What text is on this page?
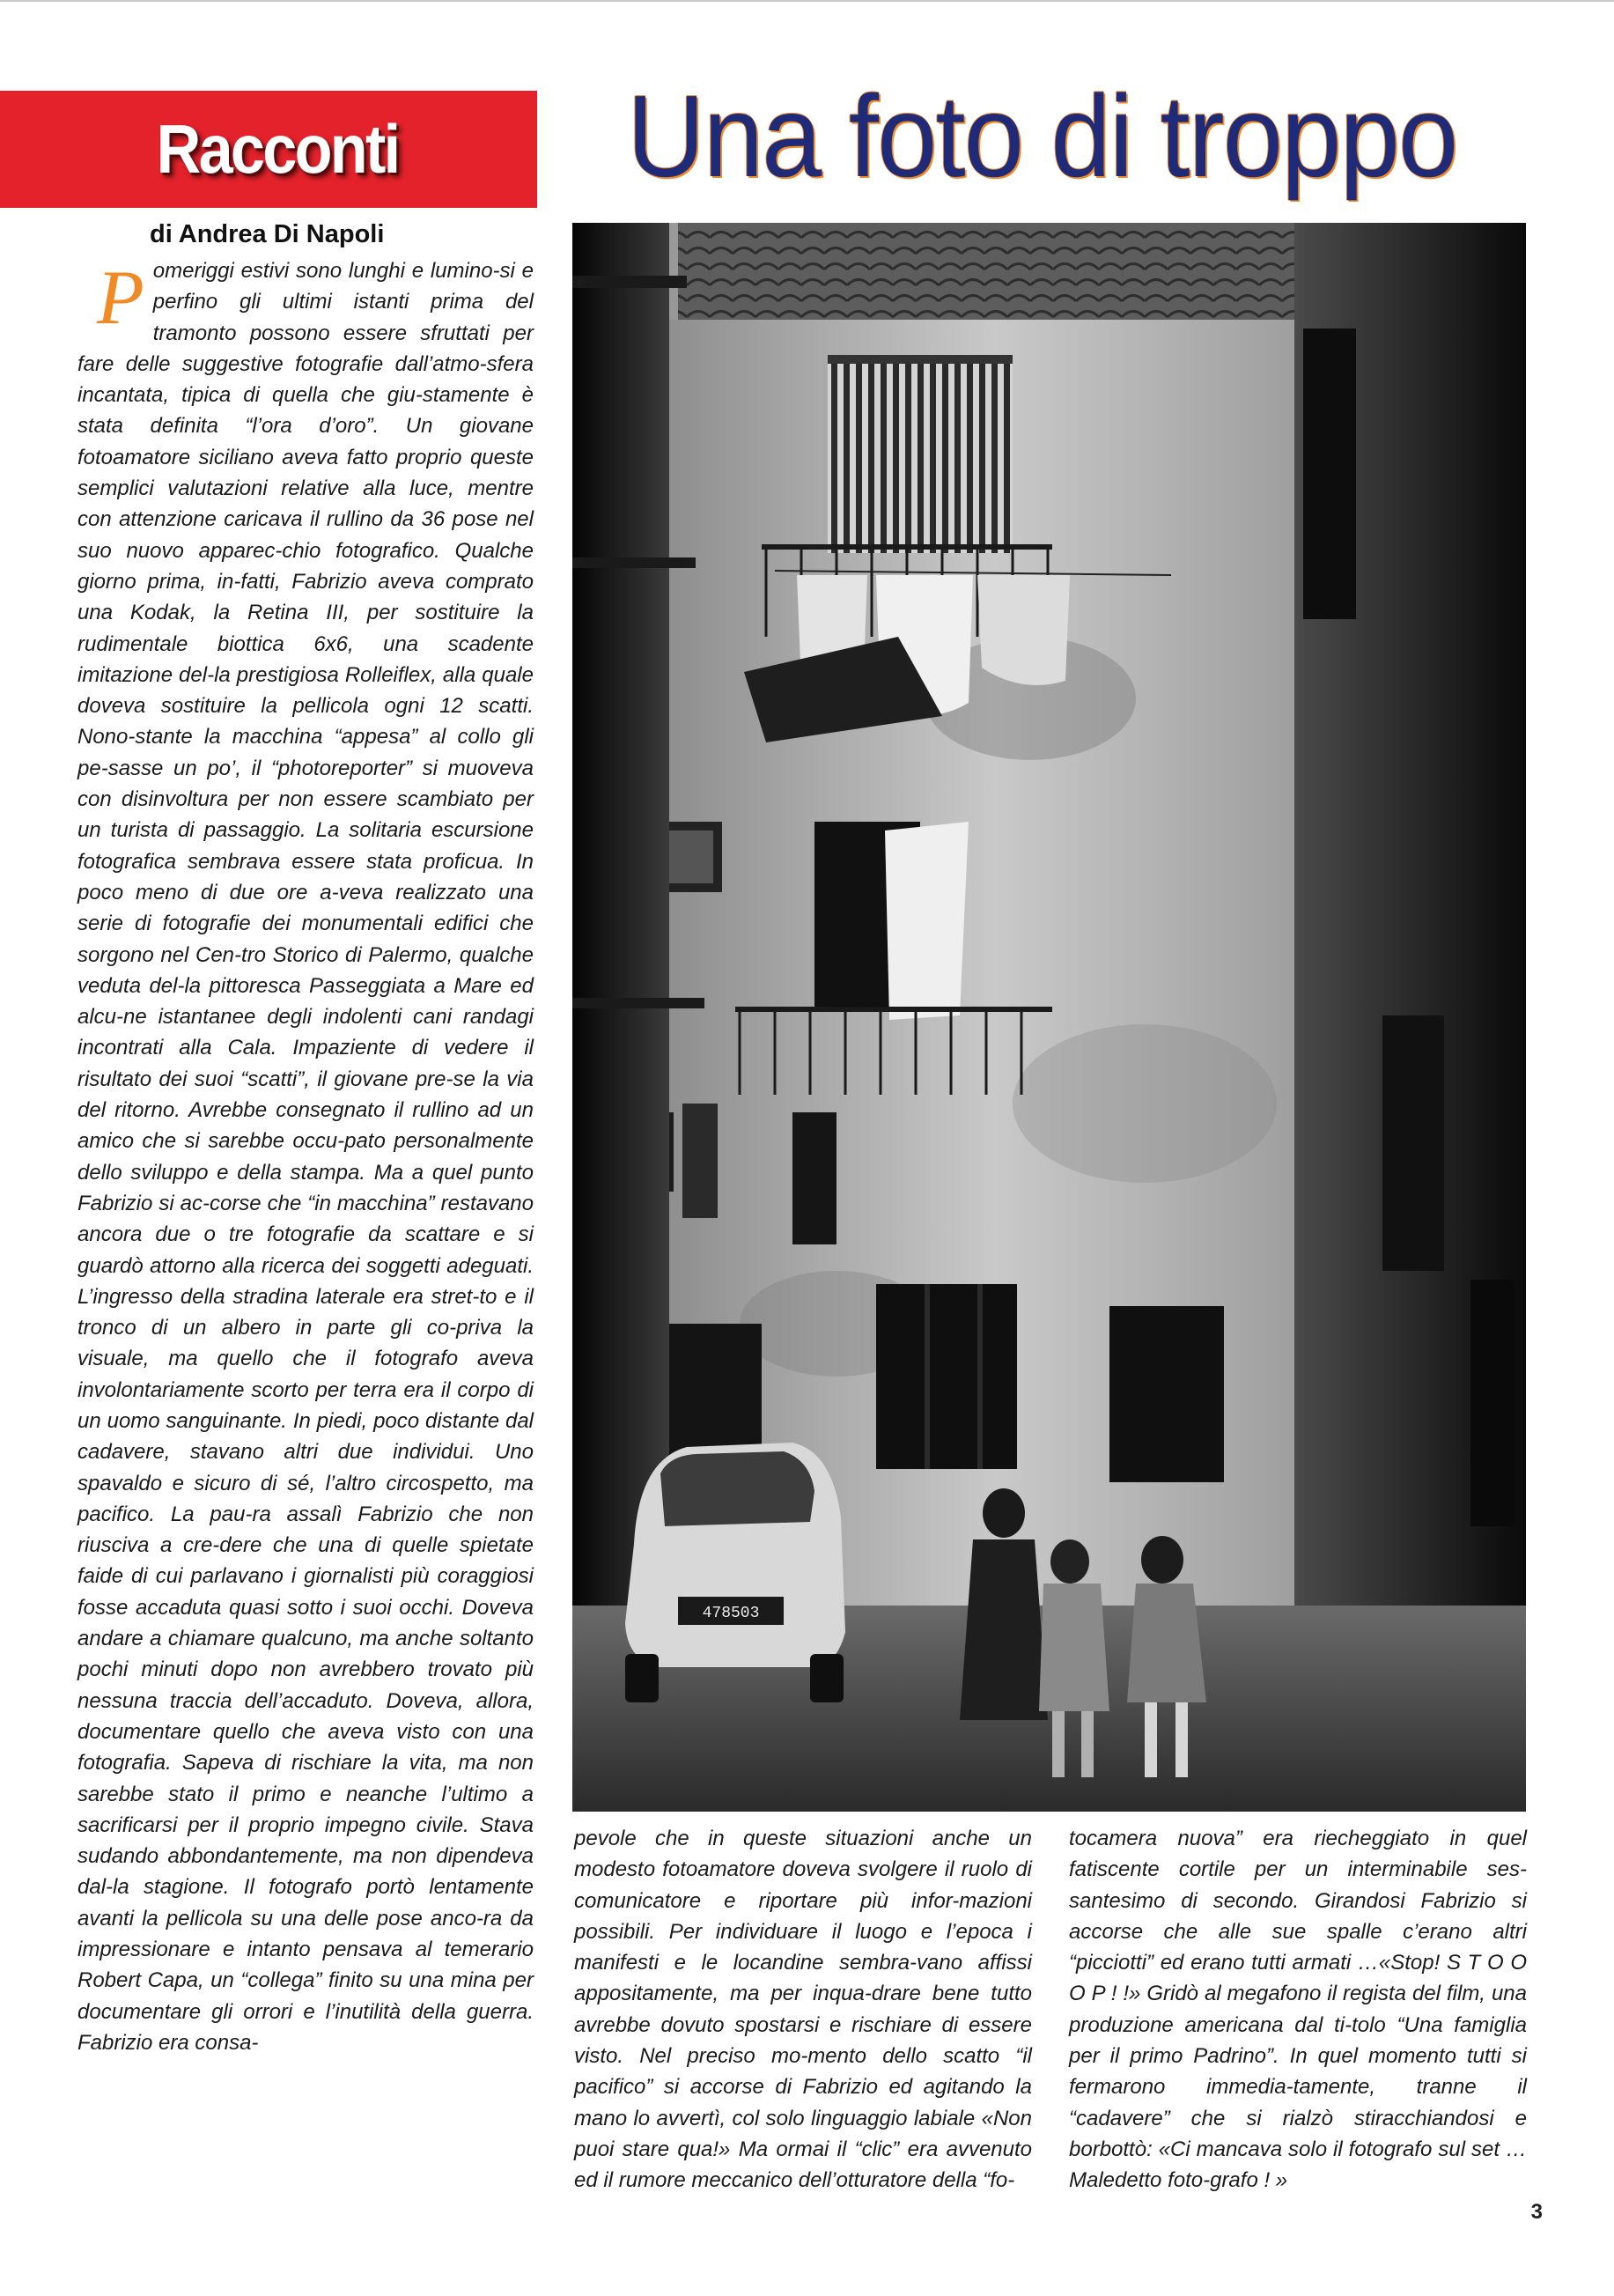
Racconti	Una foto di troppo
di Andrea Di Napoli
P omeriggi estivi sono lunghi e lumino-si e perfino gli ultimi istanti prima del tramonto possono essere sfruttati per fare delle suggestive fotografie dall’atmo-sfera incantata, tipica di quella che giu-stamente è stata definita “l’ora d’oro”. Un giovane fotoamatore siciliano aveva fatto proprio queste semplici valutazioni relative alla luce, mentre con attenzione caricava il rullino da 36 pose nel suo nuovo apparec-chio fotografico. Qualche giorno prima, in-fatti, Fabrizio aveva comprato una Kodak, la Retina III, per sostituire la rudimentale biottica 6x6, una scadente imitazione del-la prestigiosa Rolleiflex, alla quale doveva sostituire la pellicola ogni 12 scatti. Nono-stante la macchina “appesa” al collo gli pe-sasse un po’, il “photoreporter” si muoveva con disinvoltura per non essere scambiato per un turista di passaggio. La solitaria escursione fotografica sembrava essere stata proficua. In poco meno di due ore a-veva realizzato una serie di fotografie dei monumentali edifici che sorgono nel Cen-tro Storico di Palermo, qualche veduta del-la pittoresca Passeggiata a Mare ed alcu-ne istantanee degli indolenti cani randagi incontrati alla Cala. Impaziente di vedere il risultato dei suoi “scatti”, il giovane pre-se la via del ritorno. Avrebbe consegnato il rullino ad un amico che si sarebbe occu-pato personalmente dello sviluppo e della stampa. Ma a quel punto Fabrizio si ac-corse che “in macchina” restavano ancora due o tre fotografie da scattare e si guardò attorno alla ricerca dei soggetti adeguati. L’ingresso della stradina laterale era stret-to e il tronco di un albero in parte gli co-priva la visuale, ma quello che il fotografo aveva involontariamente scorto per terra era il corpo di un uomo sanguinante. In piedi, poco distante dal cadavere, stavano altri due individui. Uno spavaldo e sicuro di sé, l’altro circospetto, ma pacifico. La pau-ra assalì Fabrizio che non riusciva a cre-dere che una di quelle spietate faide di cui parlavano i giornalisti più coraggiosi fosse accaduta quasi sotto i suoi occhi. Doveva andare a chiamare qualcuno, ma anche soltanto pochi minuti dopo non avrebbero trovato più nessuna traccia dell’accaduto. Doveva, allora, documentare quello che aveva visto con una fotografia. Sapeva di rischiare la vita, ma non sarebbe stato il primo e neanche l’ultimo a sacrificarsi per il proprio impegno civile. Stava sudando abbondantemente, ma non dipendeva dal-la stagione. Il fotografo portò lentamente avanti la pellicola su una delle pose anco-ra da impressionare e intanto pensava al temerario Robert Capa, un “collega” finito su una mina per documentare gli orrori e l’inutilità della guerra. Fabrizio era consa-
478503
pevole che in queste situazioni anche un modesto fotoamatore doveva svolgere il ruolo di comunicatore e riportare più infor-mazioni possibili. Per individuare il luogo e l’epoca i manifesti e le locandine sembra-vano affissi appositamente, ma per inqua-drare bene tutto avrebbe dovuto spostarsi e rischiare di essere visto. Nel preciso mo-mento dello scatto “il pacifico” si accorse di Fabrizio ed agitando la mano lo avvertì, col solo linguaggio labiale «Non puoi stare qua!» Ma ormai il “clic” era avvenuto ed il rumore meccanico dell’otturatore della “fo-
tocamera nuova” era riecheggiato in quel fatiscente cortile per un interminabile ses-santesimo di secondo. Girandosi Fabrizio si accorse che alle sue spalle c’erano altri “picciotti” ed erano tutti armati …«Stop! S T O O O P ! !» Gridò al megafono il regista del film, una produzione americana dal ti-tolo “Una famiglia per il primo Padrino”. In quel momento tutti si fermarono immedia-tamente, tranne il “cadavere” che si rialzò stiracchiandosi e borbottò: «Ci mancava solo il fotografo sul set … Maledetto foto-grafo ! »
3
